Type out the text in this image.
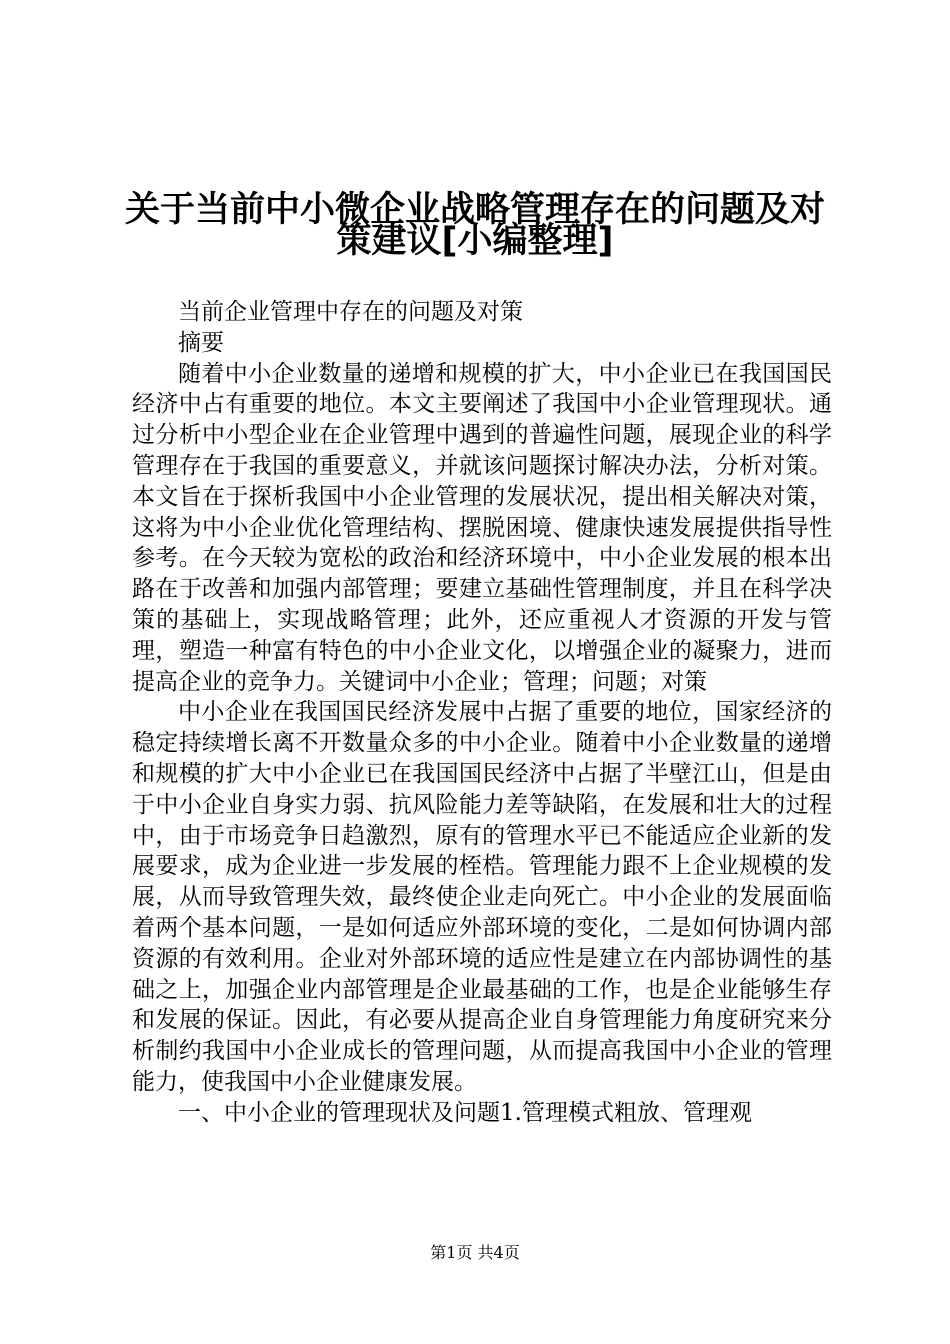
关于当前中小微企业战略管理存在的问题及对
策建议[小编整理]

当前企业管理中存在的问题及对策

摘要

随着中小企业数量的递增和规模的扩大，中小企业已在我国国民经济中占有重要的地位。本文主要阐述了我国中小企业管理现状。通过分析中小型企业在企业管理中遇到的普遍性问题，展现企业的科学管理存在于我国的重要意义，并就该问题探讨解决办法，分析对策。本文旨在于探析我国中小企业管理的发展状况，提出相关解决对策，这将为中小企业优化管理结构、摆脱困境、健康快速发展提供指导性参考。在今天较为宽松的政治和经济环境中，中小企业发展的根本出路在于改善和加强内部管理；要建立基础性管理制度，并且在科学决策的基础上，实现战略管理；此外，还应重视人才资源的开发与管理，塑造一种富有特色的中小企业文化，以增强企业的凝聚力，进而提高企业的竞争力。关键词中小企业；管理；问题；对策

中小企业在我国国民经济发展中占据了重要的地位，国家经济的稳定持续增长离不开数量众多的中小企业。随着中小企业数量的递增和规模的扩大中小企业已在我国国民经济中占据了半壁江山，但是由于中小企业自身实力弱、抗风险能力差等缺陷，在发展和壮大的过程中，由于市场竞争日趋激烈，原有的管理水平已不能适应企业新的发展要求，成为企业进一步发展的桎梏。管理能力跟不上企业规模的发展，从而导致管理失效，最终使企业走向死亡。中小企业的发展面临着两个基本问题，一是如何适应外部环境的变化，二是如何协调内部资源的有效利用。企业对外部环境的适应性是建立在内部协调性的基础之上，加强企业内部管理是企业最基础的工作，也是企业能够生存和发展的保证。因此，有必要从提高企业自身管理能力角度研究来分析制约我国中小企业成长的管理问题，从而提高我国中小企业的管理能力，使我国中小企业健康发展。

一、中小企业的管理现状及问题1.管理模式粗放、管理观

第1页 共4页
